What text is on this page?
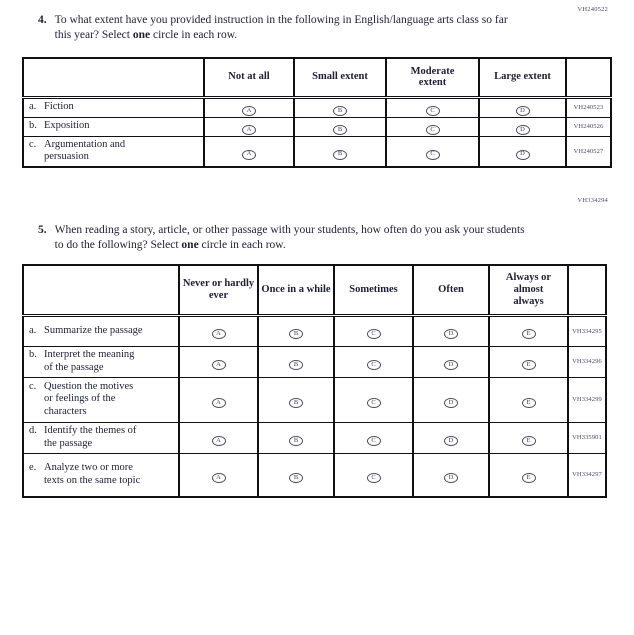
VH240522
4. To what extent have you provided instruction in the following in English/language arts class so far this year? Select one circle in each row.
	Not at all	Small extent	Moderate extent	Large extent	

a. Fiction	A	B	C	D	VH240523

b. Exposition	A	B	C	D	VH240526

c. Argumentation and persuasion	A	B	C	D	VH240527
VH334294
5. When reading a story, article, or other passage with your students, how often do you ask your students to do the following? Select one circle in each row.
	Never or hardly ever	Once in a while	Sometimes	Often	Always or almost always	

a. Summarize the passage	A	B	C	D	E	VH334295

b. Interpret the meaning of the passage	A	B	C	D	E	VH334296

c. Question the motives or feelings of the characters	A	B	C	D	E	VH334299

d. Identify the themes of the passage	A	B	C	D	E	VH335901

e. Analyze two or more texts on the same topic	A	B	C	D	E	VH334297
